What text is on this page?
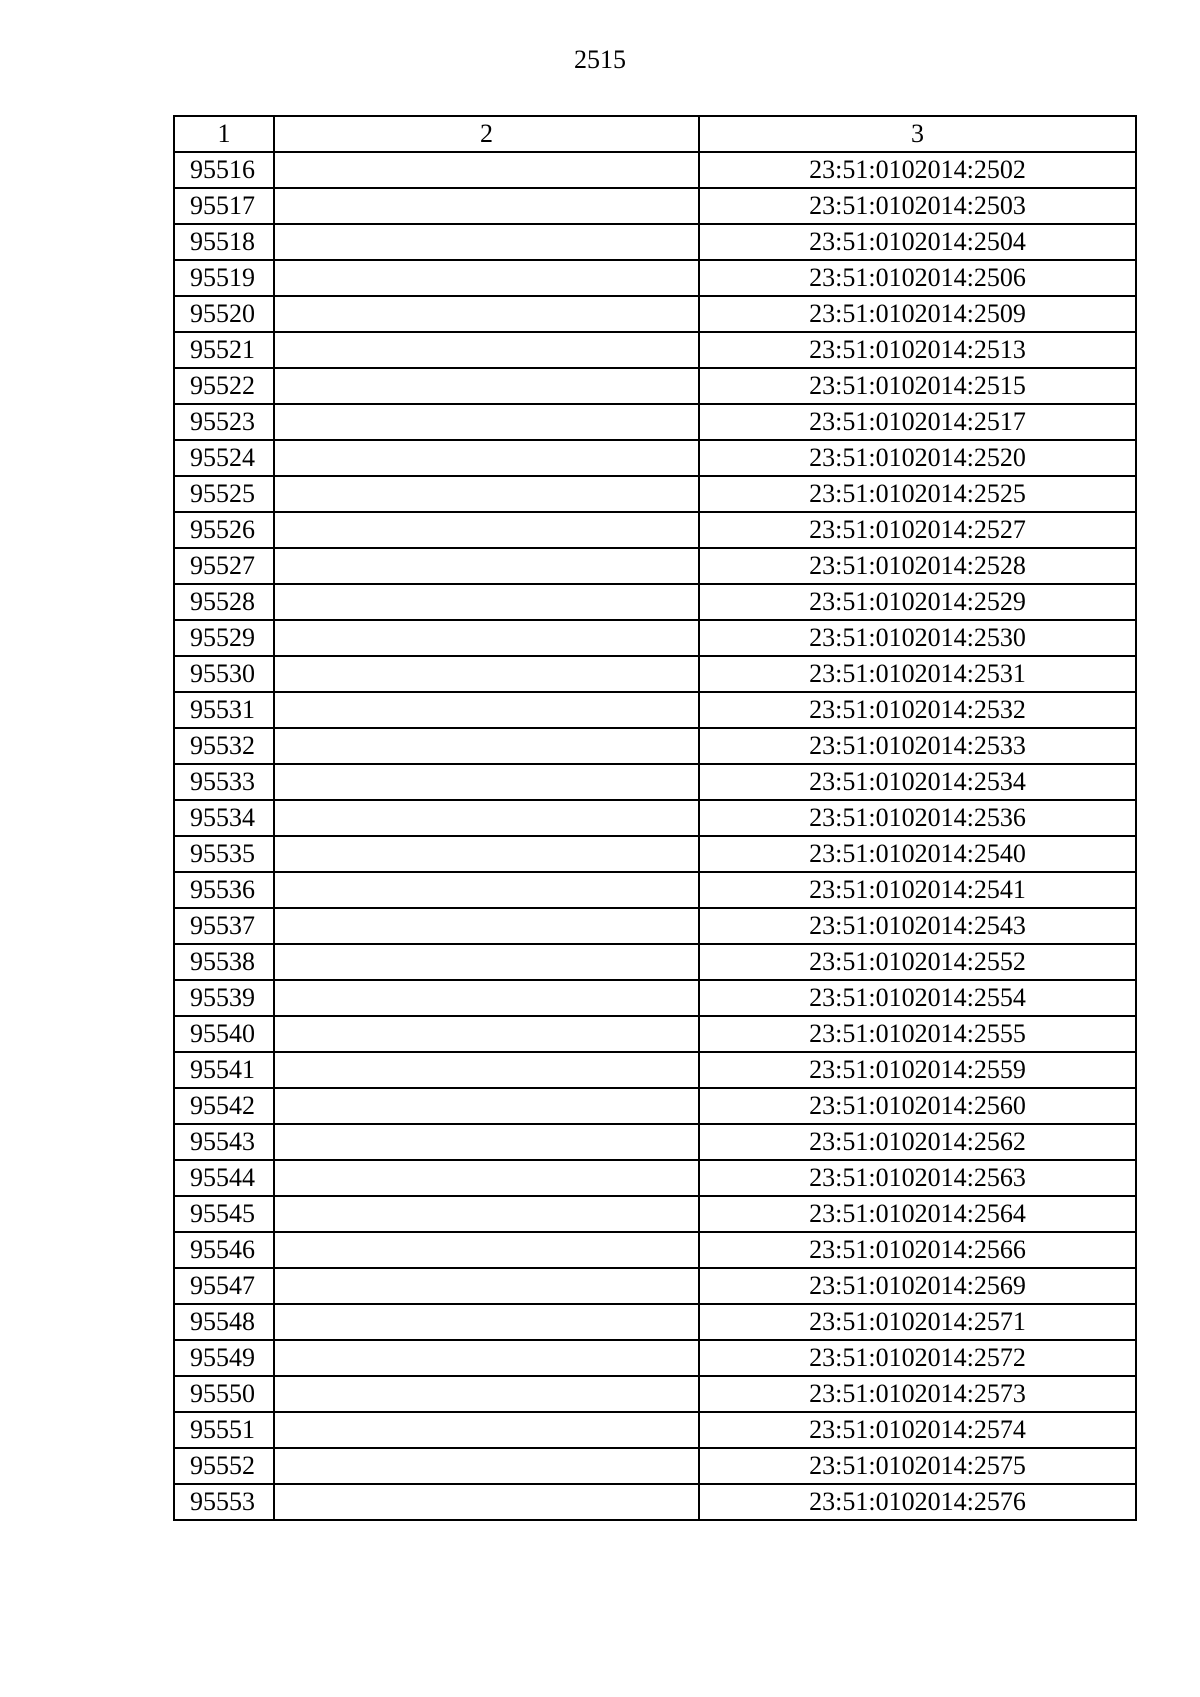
2515
1	2	3
95516		23:51:0102014:2502
95517		23:51:0102014:2503
95518		23:51:0102014:2504
95519		23:51:0102014:2506
95520		23:51:0102014:2509
95521		23:51:0102014:2513
95522		23:51:0102014:2515
95523		23:51:0102014:2517
95524		23:51:0102014:2520
95525		23:51:0102014:2525
95526		23:51:0102014:2527
95527		23:51:0102014:2528
95528		23:51:0102014:2529
95529		23:51:0102014:2530
95530		23:51:0102014:2531
95531		23:51:0102014:2532
95532		23:51:0102014:2533
95533		23:51:0102014:2534
95534		23:51:0102014:2536
95535		23:51:0102014:2540
95536		23:51:0102014:2541
95537		23:51:0102014:2543
95538		23:51:0102014:2552
95539		23:51:0102014:2554
95540		23:51:0102014:2555
95541		23:51:0102014:2559
95542		23:51:0102014:2560
95543		23:51:0102014:2562
95544		23:51:0102014:2563
95545		23:51:0102014:2564
95546		23:51:0102014:2566
95547		23:51:0102014:2569
95548		23:51:0102014:2571
95549		23:51:0102014:2572
95550		23:51:0102014:2573
95551		23:51:0102014:2574
95552		23:51:0102014:2575
95553		23:51:0102014:2576
